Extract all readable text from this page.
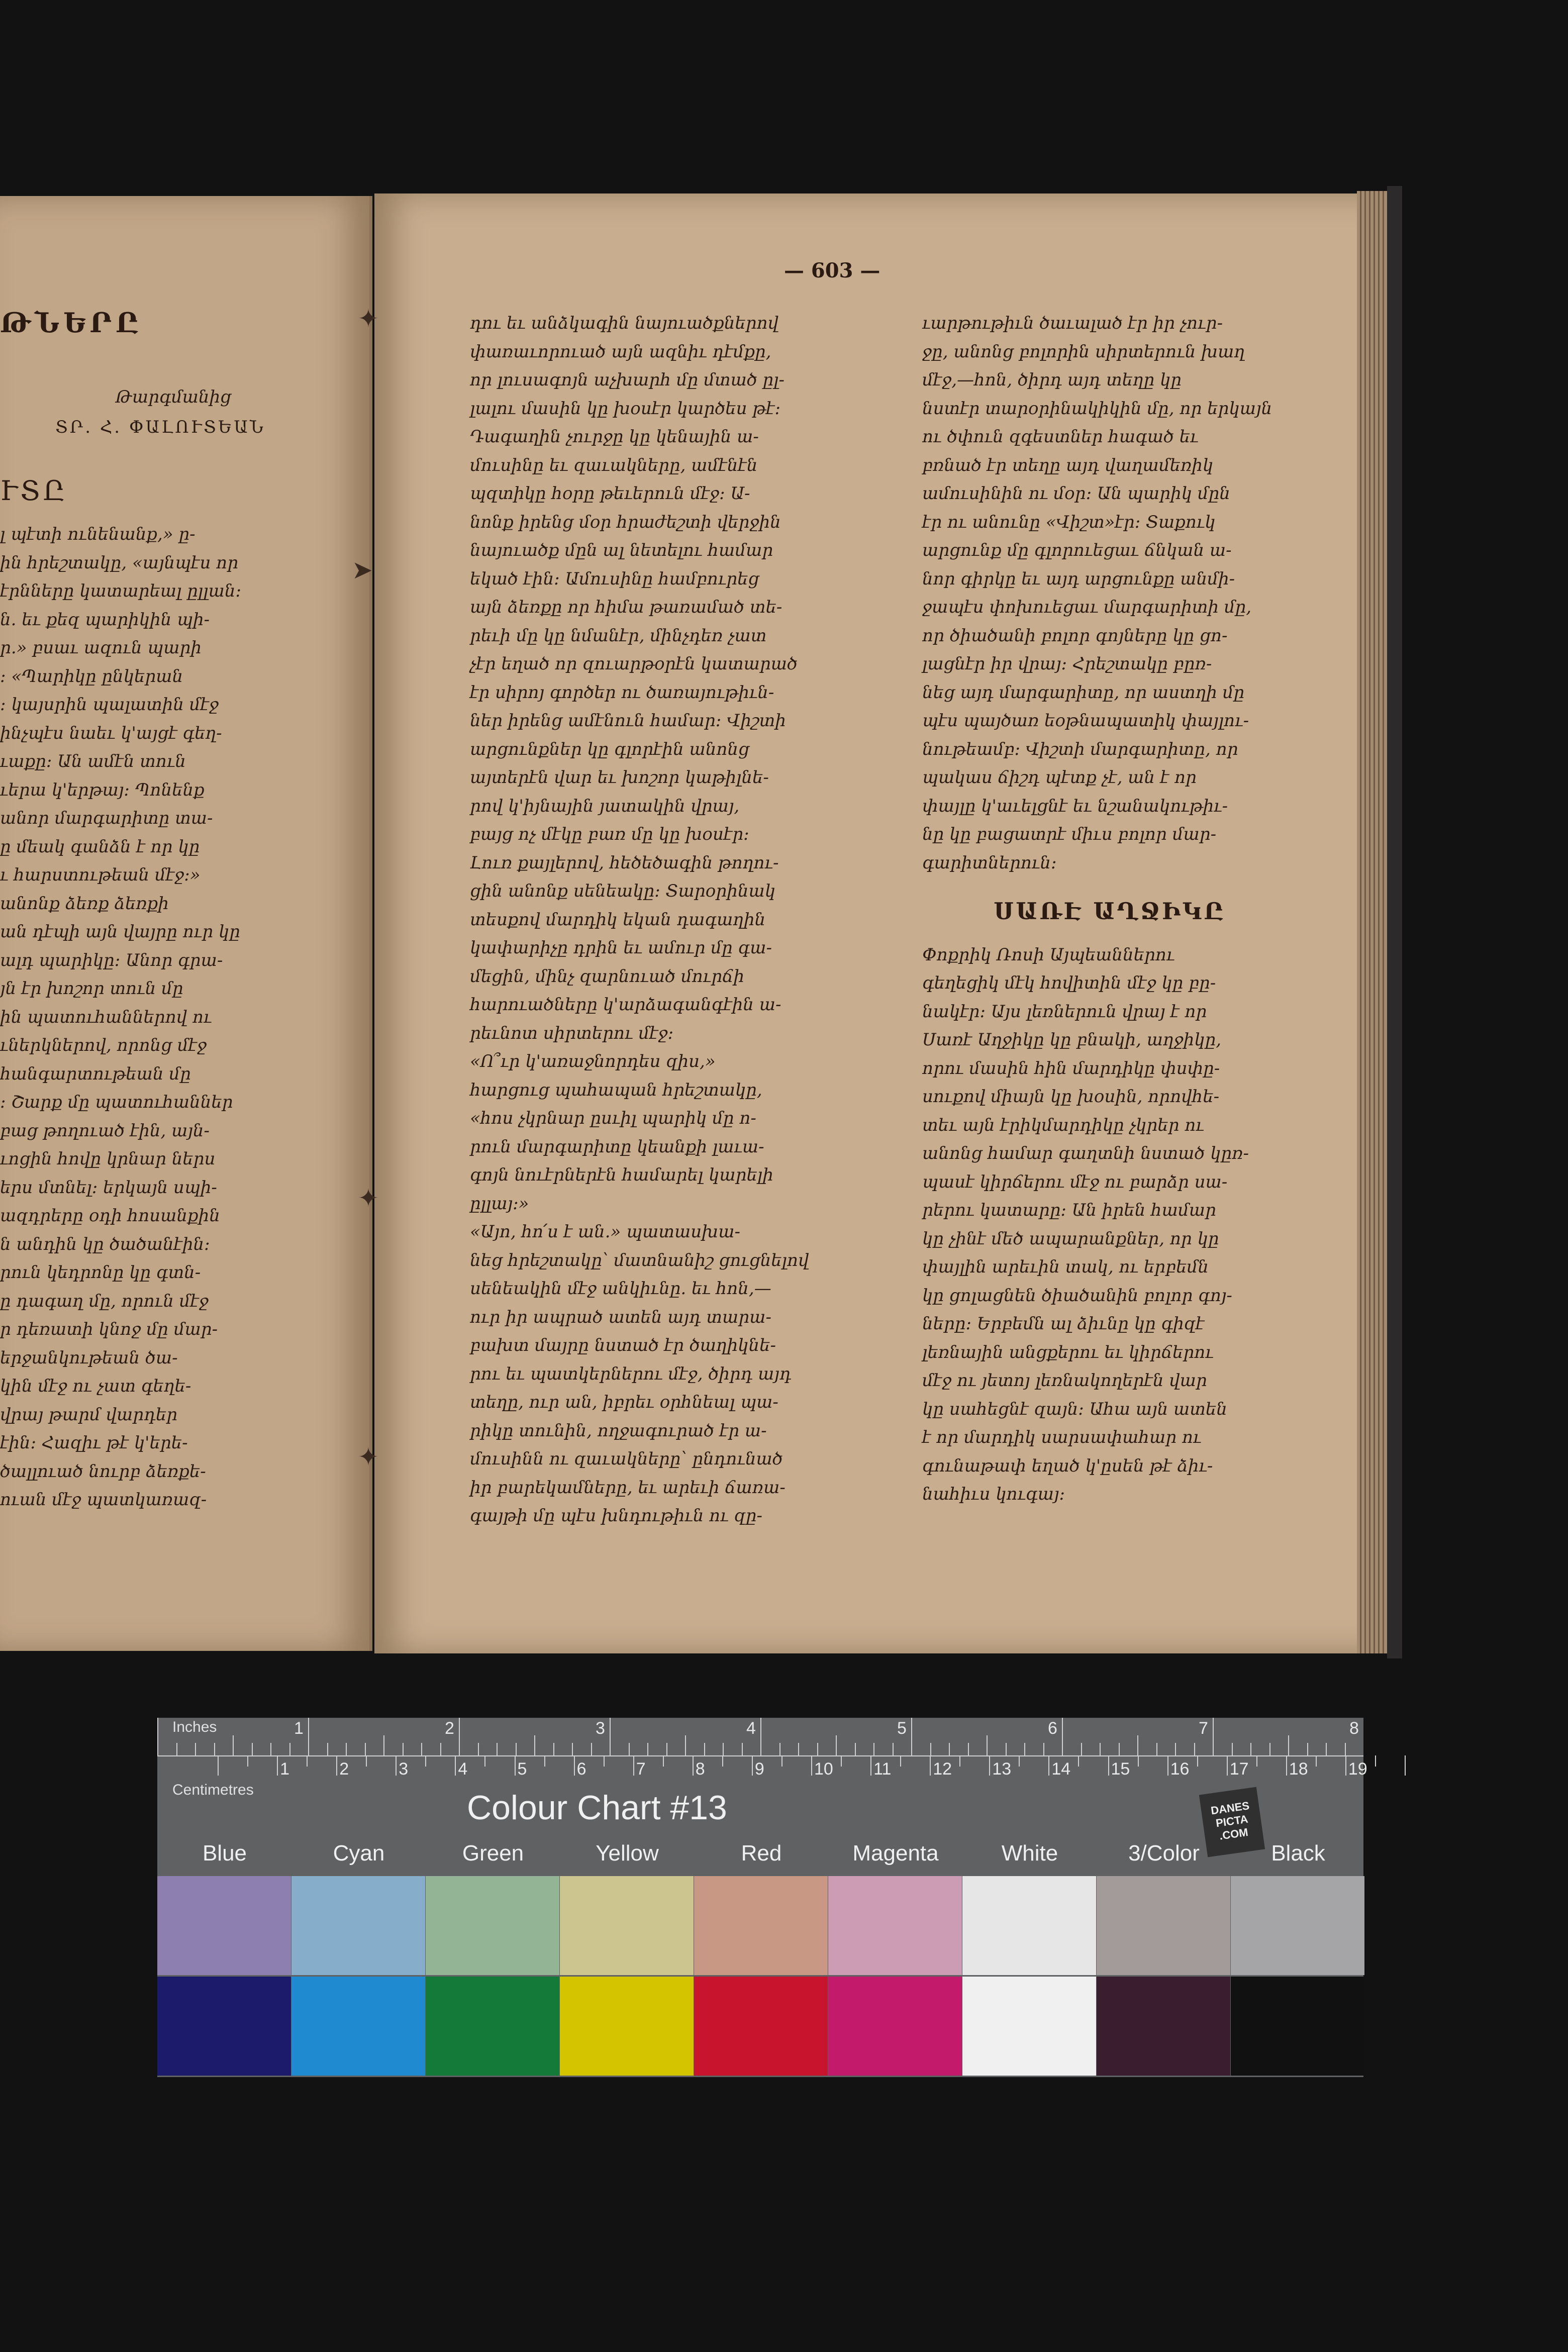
ԹՆԵՐԸ
Թարգմանից
ՏՐ. Հ. ՓԱԼՈՒՏԵԱՆ
ՒՏԸ

լ պէտի ունենանք,» ը-

ին հրեշտակը, «այնպէս որ

էրնները կատարեալ ըլլան։

ն. եւ քեզ պարիկին պի-

ր.» բսաւ ազուն պարի

։ «Պարիկը ընկերան

։ կայսրին պալատին մէջ

ինչպէս նաեւ կ'այցէ գեղ-

ւաքը։ Ան ամէն տուն

ւերա կ'երթայ։ Պոնենք

անոր մարգարիտը տա-

ը մեակ գանձն է որ կը

ւ հարստութեան մէջ։»

անոնք ձեռք ձեռքի

ան դէպի այն վայրը ուր կը

ալդ պարիկը։ Անոր գրա-

յն էր խոշոր տուն մը

ին պատուհաններով ու

ւներկներով, որոնց մէջ

հանգարտութեան մը

։ Շարք մը պատուհաններ

բաց թողուած էին, այն-

ւոցին հովը կրնար ներս

երս մտնել։ երկայն սպի-

ազդրերը օդի հոսանքին

ն անդին կը ծածանէին։

րուն կեդրոնը կը գտն-

ը դագաղ մը, որուն մէջ

ր դեռատի կնոջ մը մար-

երջանկութեան ծա-

կին մէջ ու չատ գեղե-

վրայ թարմ վարդեր

էին։ Հազիւ թէ կ'երե-

ծալլուած նուրբ ձեռքե-

ուան մէջ պատկառազ-

— 603 —

դու եւ անձկագին նայուածքներով

փառաւորուած այն ազնիւ դէմքը,

որ լուսագոյն աչխարհ մը մտած ըլ-

լալու մասին կը խօսէր կարծես թէ։

Դագաղին չուրջը կը կենային ա-

մուսինը եւ զաւակները, ամէնէն

պզտիկը հօրը թեւերուն մէջ։ Ա-

նոնք իրենց մօր հրաժեշտի վերջին

նայուածք մըն ալ նետելու համար

եկած էին։ Ամուսինը համբուրեց

այն ձեռքը որ հիմա թառամած տե-

րեւի մը կը նմանէր, մինչդեռ չատ

չէր եղած որ զուարթօրէն կատարած

էր սիրոյ գործեր ու ծառայութիւն-

ներ իրենց ամէնուն համար։ Վիշտի

արցունքներ կը գլորէին անոնց

այտերէն վար եւ խոշոր կաթիլնե-

րով կ'իյնային յատակին վրայ,

բայց ոչ մէկը բառ մը կը խօսէր։

Լուռ քայլերով, հեծեծագին թողու-

ցին անոնք սենեակը։ Տարօրինակ

տեսքով մարդիկ եկան դագաղին

կափարիչը դրին եւ ամուր մը գա-

մեցին, մինչ զարնուած մուրճի

հարուածները կ'արձագանգէին ա-

րեւնոտ սիրտերու մէջ։

«Ո՞ւր կ'առաջնորդես զիս,»

հարցուց պահապան հրեշտակը,

«հոս չկրնար ըսւիլ պարիկ մը ո-

րուն մարգարիտը կեանքի լաւա-

գոյն նուէրներէն համարել կարելի

ըլլայ։»

«Այո, հո՛ս է ան.» պատասխա-

նեց հրեշտակը՝ մատնանիշ ցուցնելով

սենեակին մէջ անկիւնը. եւ հոն,—

ուր իր ապրած ատեն այդ տարա-

բախտ մայրը նստած էր ծաղիկնե-

րու եւ պատկերներու մէջ, ծիրդ այդ

տեղը, ուր ան, իբրեւ օրհնեալ պա-

րիկը տունին, ողջագուրած էր ա-

մուսինն ու զաւակները՝ ընդունած

իր բարեկամները, եւ արեւի ճառա-

գայթի մը պէս խնդութիւն ու զը-

ւարթութիւն ծաւալած էր իր չուր-

ջը, անոնց բոլորին սիրտերուն խաղ

մէջ,—հոն, ծիրդ այդ տեղը կը

նստէր տարօրինակիկին մը, որ երկայն

ու ծփուն զգեստներ հագած եւ

բռնած էր տեղը այդ վաղամեռիկ

ամուսինին ու մօր։ Ան պարիկ մըն

էր ու անունը «Վիշտ»էր։ Տաքուկ

արցունք մը գլորուեցաւ ճնկան ա-

նոր գիրկը եւ այդ արցունքը անմի-

ջապէս փոխուեցաւ մարգարիտի մը,

որ ծիածանի բոլոր գոյները կը ցո-

լացնէր իր վրայ։ Հրեշտակը բըռ-

նեց այդ մարգարիտը, որ աստղի մը

պէս պայծառ եօթնապատիկ փայլու-

նութեամբ։ Վիշտի մարգարիտը, որ

պակաս ճիշդ պէտք չէ, ան է որ

փայլը կ'աւելցնէ եւ նշանակութիւ-

նը կը բացատրէ միւս բոլոր մար-

գարիտներուն։

ՍԱՌԷ ԱՂՋԻԿԸ

Փոքրիկ Ռոսի Այպեաններու

գեղեցիկ մէկ հովիտին մէջ կը բը-

նակէր։ Այս լեռներուն վրայ է որ

Սառէ Աղջիկը կը բնակի, աղջիկը,

որու մասին հին մարդիկը փսփը-

սուքով միայն կը խօսին, որովհե-

տեւ այն էրիկմարդիկը չկրեր ու

անոնց համար գաղտնի նստած կըռ-

պասէ կիրճերու մէջ ու բարձր սա-

րերու կատարը։ Ան իրեն համար

կը չինէ մեծ ապարանքներ, որ կը

փայլին արեւին տակ, ու երբեմն

կը ցոլացնեն ծիածանին բոլոր գոյ-

ները։ Երբեմն ալ ձիւնը կը գիզէ

լեռնային անցքերու եւ կիրճերու

մէջ ու յետոյ լեռնակողերէն վար

կը սահեցնէ զայն։ Ահա այն ատեն

է որ մարդիկ սարսափահար ու

գունաթափ եղած կ'ըսեն թէ ձիւ-

նահիւս կուգայ։

✦
➤
✦
✦
Inches	1	2	3	4	5	6	7	8
Centimetres
1	2	3	4	5	6	7	8	9	10 11 12 13 14 15 16 17 18 19
Colour Chart #13	DANES PICTA .COM
Blue	Cyan	Green	Yellow	Red	Magenta	White	3/Color	Black
